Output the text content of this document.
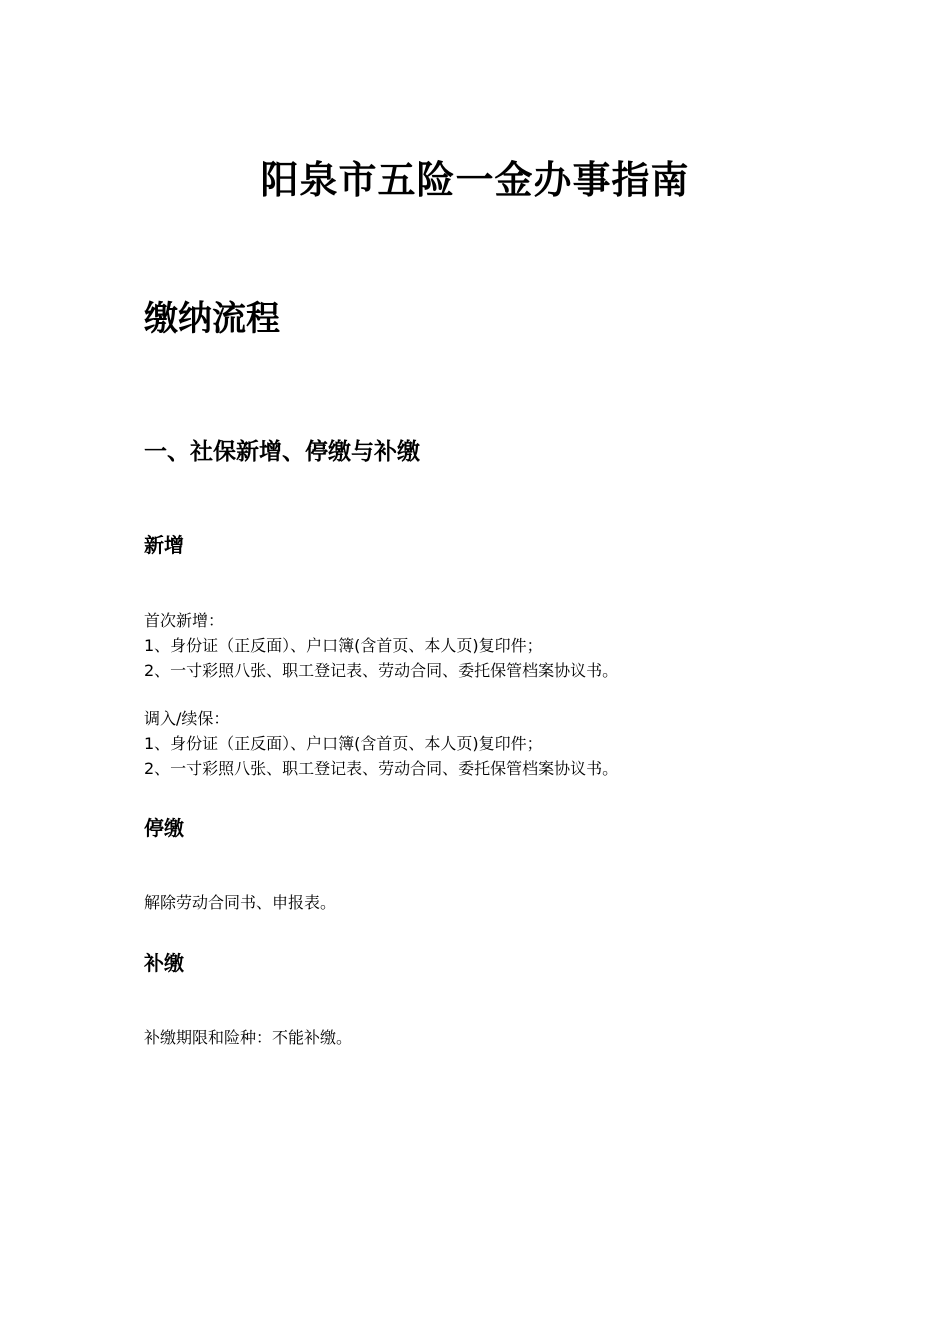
阳泉市五险一金办事指南
缴纳流程
一、社保新增、停缴与补缴
新增

首次新增：
1、身份证（正反面）、户口簿(含首页、本人页)复印件；
2、一寸彩照八张、职工登记表、劳动合同、委托保管档案协议书。

调入/续保：
1、身份证（正反面）、户口簿(含首页、本人页)复印件；
2、一寸彩照八张、职工登记表、劳动合同、委托保管档案协议书。

停缴

解除劳动合同书、申报表。

补缴

补缴期限和险种：不能补缴。
